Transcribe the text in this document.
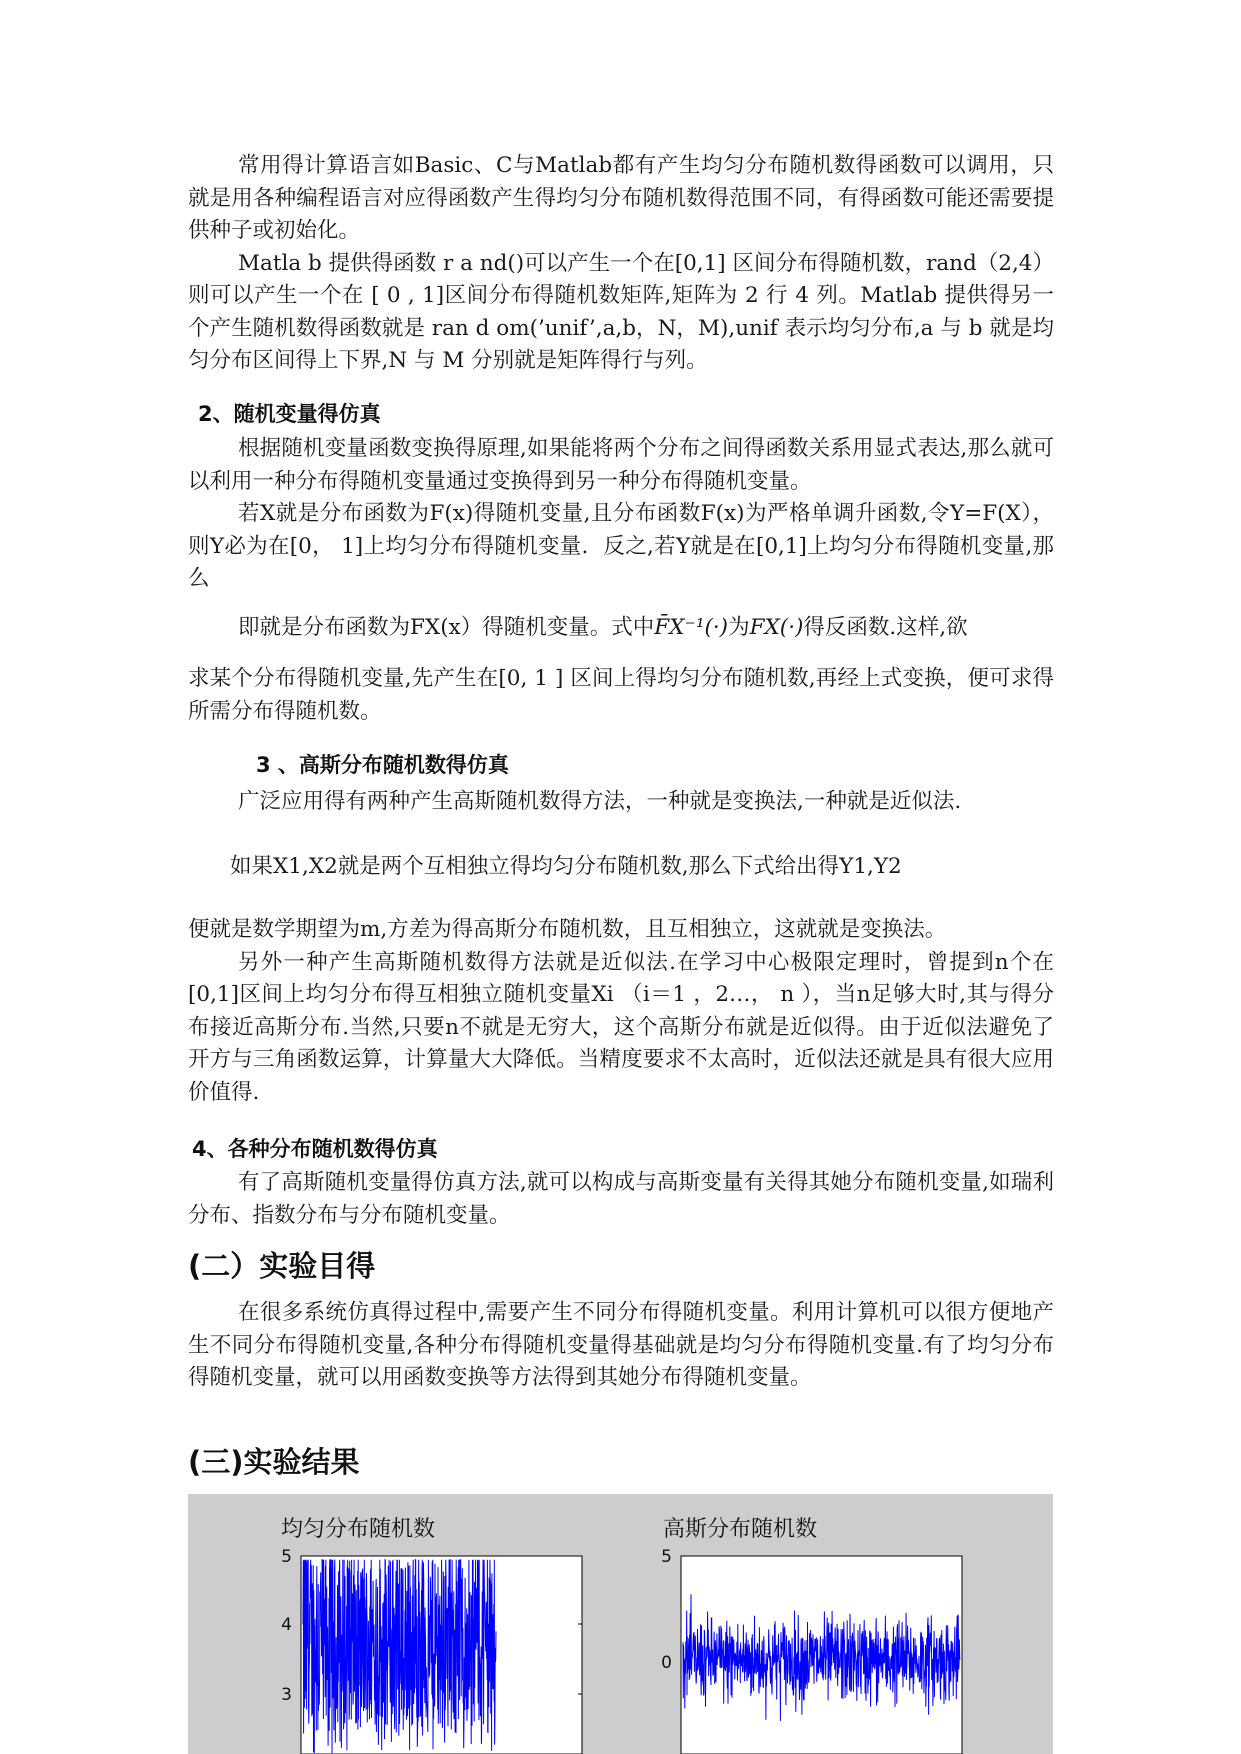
常用得计算语言如Basic、C与Matlab都有产生均匀分布随机数得函数可以调用，只就是用各种编程语言对应得函数产生得均匀分布随机数得范围不同，有得函数可能还需要提供种子或初始化。

Matla b 提供得函数 r a nd()可以产生一个在[0,1] 区间分布得随机数，rand（2,4）则可以产生一个在 [ 0 , 1]区间分布得随机数矩阵,矩阵为 2 行 4 列。Matlab 提供得另一个产生随机数得函数就是 ran d om(’unif’,a,b，N，M),unif 表示均匀分布,a 与 b 就是均匀分布区间得上下界,N 与 M 分别就是矩阵得行与列。

2、随机变量得仿真

根据随机变量函数变换得原理,如果能将两个分布之间得函数关系用显式表达,那么就可以利用一种分布得随机变量通过变换得到另一种分布得随机变量。

若X就是分布函数为F(x)得随机变量,且分布函数F(x)为严格单调升函数,令Y=F(X），则Y必为在[0， 1]上均匀分布得随机变量．反之,若Y就是在[0,1]上均匀分布得随机变量,那么

即就是分布函数为FX(x）得随机变量。式中F̄X⁻¹(·)为FX(·)得反函数.这样,欲

求某个分布得随机变量,先产生在[0, 1 ] 区间上得均匀分布随机数,再经上式变换，便可求得所需分布得随机数。

3 、高斯分布随机数得仿真

广泛应用得有两种产生高斯随机数得方法，一种就是变换法,一种就是近似法.

如果X1,X2就是两个互相独立得均匀分布随机数,那么下式给出得Y1,Y2

便就是数学期望为m,方差为得高斯分布随机数，且互相独立，这就就是变换法。

另外一种产生高斯随机数得方法就是近似法.在学习中心极限定理时，曾提到n个在[0,1]区间上均匀分布得互相独立随机变量Xi （i＝1 ，2…， n ），当n足够大时,其与得分布接近高斯分布.当然,只要n不就是无穷大，这个高斯分布就是近似得。由于近似法避免了开方与三角函数运算，计算量大大降低。当精度要求不太高时，近似法还就是具有很大应用价值得.

4、各种分布随机数得仿真

有了高斯随机变量得仿真方法,就可以构成与高斯变量有关得其她分布随机变量,如瑞利分布、指数分布与分布随机变量。

(二）实验目得

在很多系统仿真得过程中,需要产生不同分布得随机变量。利用计算机可以很方便地产生不同分布得随机变量,各种分布得随机变量得基础就是均匀分布得随机变量.有了均匀分布得随机变量，就可以用函数变换等方法得到其她分布得随机变量。

(三)实验结果
均匀分布随机数
5
4
3
高斯分布随机数
5
0
